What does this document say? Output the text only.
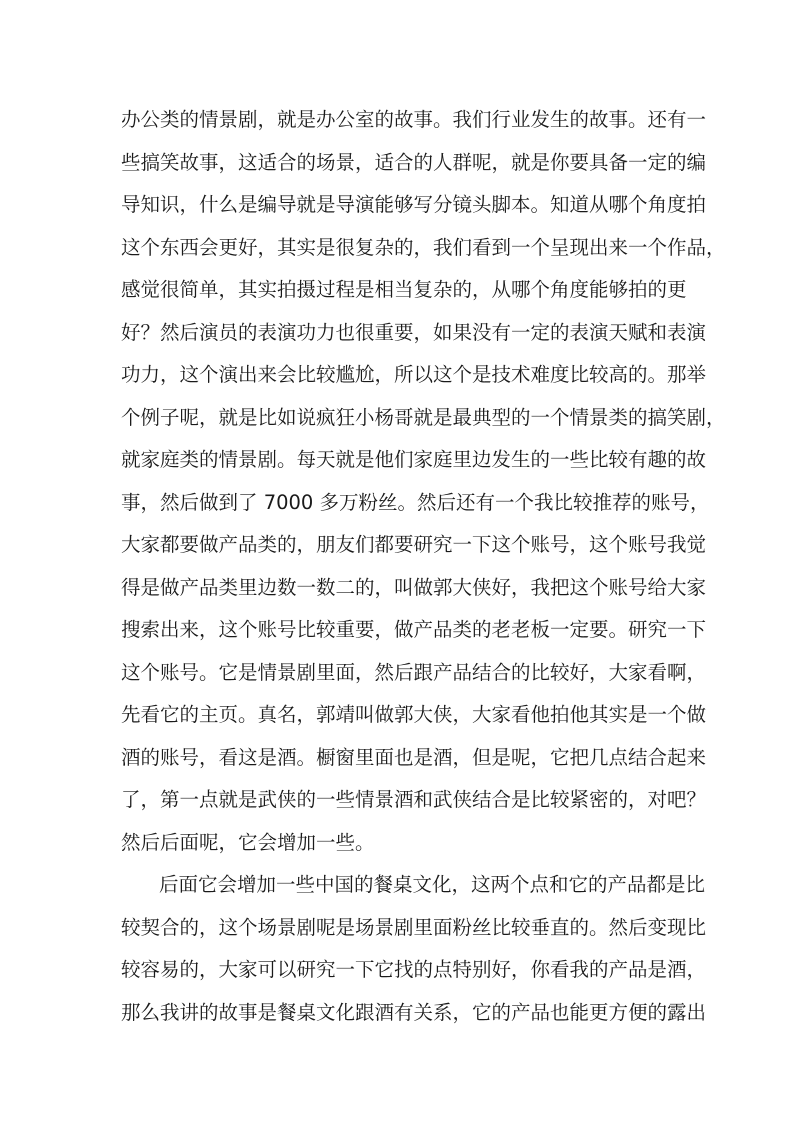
办公类的情景剧，就是办公室的故事。我们行业发生的故事。还有一
些搞笑故事，这适合的场景，适合的人群呢，就是你要具备一定的编
导知识，什么是编导就是导演能够写分镜头脚本。知道从哪个角度拍
这个东西会更好，其实是很复杂的，我们看到一个呈现出来一个作品，
感觉很简单，其实拍摄过程是相当复杂的，从哪个角度能够拍的更
好？然后演员的表演功力也很重要，如果没有一定的表演天赋和表演
功力，这个演出来会比较尴尬，所以这个是技术难度比较高的。那举
个例子呢，就是比如说疯狂小杨哥就是最典型的一个情景类的搞笑剧，
就家庭类的情景剧。每天就是他们家庭里边发生的一些比较有趣的故
事，然后做到了 7000 多万粉丝。然后还有一个我比较推荐的账号，
大家都要做产品类的，朋友们都要研究一下这个账号，这个账号我觉
得是做产品类里边数一数二的，叫做郭大侠好，我把这个账号给大家
搜索出来，这个账号比较重要，做产品类的老老板一定要。研究一下
这个账号。它是情景剧里面，然后跟产品结合的比较好，大家看啊，
先看它的主页。真名，郭靖叫做郭大侠，大家看他拍他其实是一个做
酒的账号，看这是酒。橱窗里面也是酒，但是呢，它把几点结合起来
了，第一点就是武侠的一些情景酒和武侠结合是比较紧密的，对吧？
然后后面呢，它会增加一些。
后面它会增加一些中国的餐桌文化，这两个点和它的产品都是比
较契合的，这个场景剧呢是场景剧里面粉丝比较垂直的。然后变现比
较容易的，大家可以研究一下它找的点特别好，你看我的产品是酒，
那么我讲的故事是餐桌文化跟酒有关系，它的产品也能更方便的露出
